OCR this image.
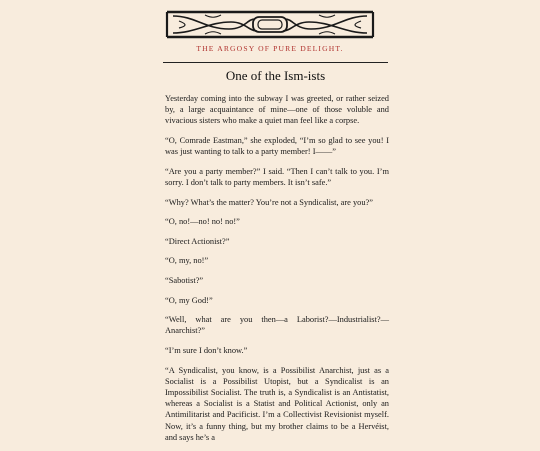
THE ARGOSY OF PURE DELIGHT.
One of the Ism-ists

Yesterday coming into the subway I was greeted, or rather seized by, a large acquaintance of mine—one of those voluble and vivacious sisters who make a quiet man feel like a corpse.

“O, Comrade Eastman,” she exploded, “I’m so glad to see you! I was just wanting to talk to a party member! I——”

“Are you a party member?” I said. “Then I can’t talk to you. I’m sorry. I don’t talk to party members. It isn’t safe.”

“Why? What’s the matter? You’re not a Syndicalist, are you?”

“O, no!—no! no! no!”

“Direct Actionist?”

“O, my, no!”

“Sabotist?”

“O, my God!”

“Well, what are you then—a Laborist?—Industrialist?—Anarchist?”

“I’m sure I don’t know.”

“A Syndicalist, you know, is a Possibilist Anarchist, just as a Socialist is a Possibilist Utopist, but a Syndicalist is an Impossibilist Socialist. The truth is, a Syndicalist is an Antistatist, whereas a Socialist is a Statist and Political Actionist, only an Antimilitarist and Pacificist. I’m a Collectivist Revisionist myself. Now, it’s a funny thing, but my brother claims to be a Hervéist, and says he’s a
